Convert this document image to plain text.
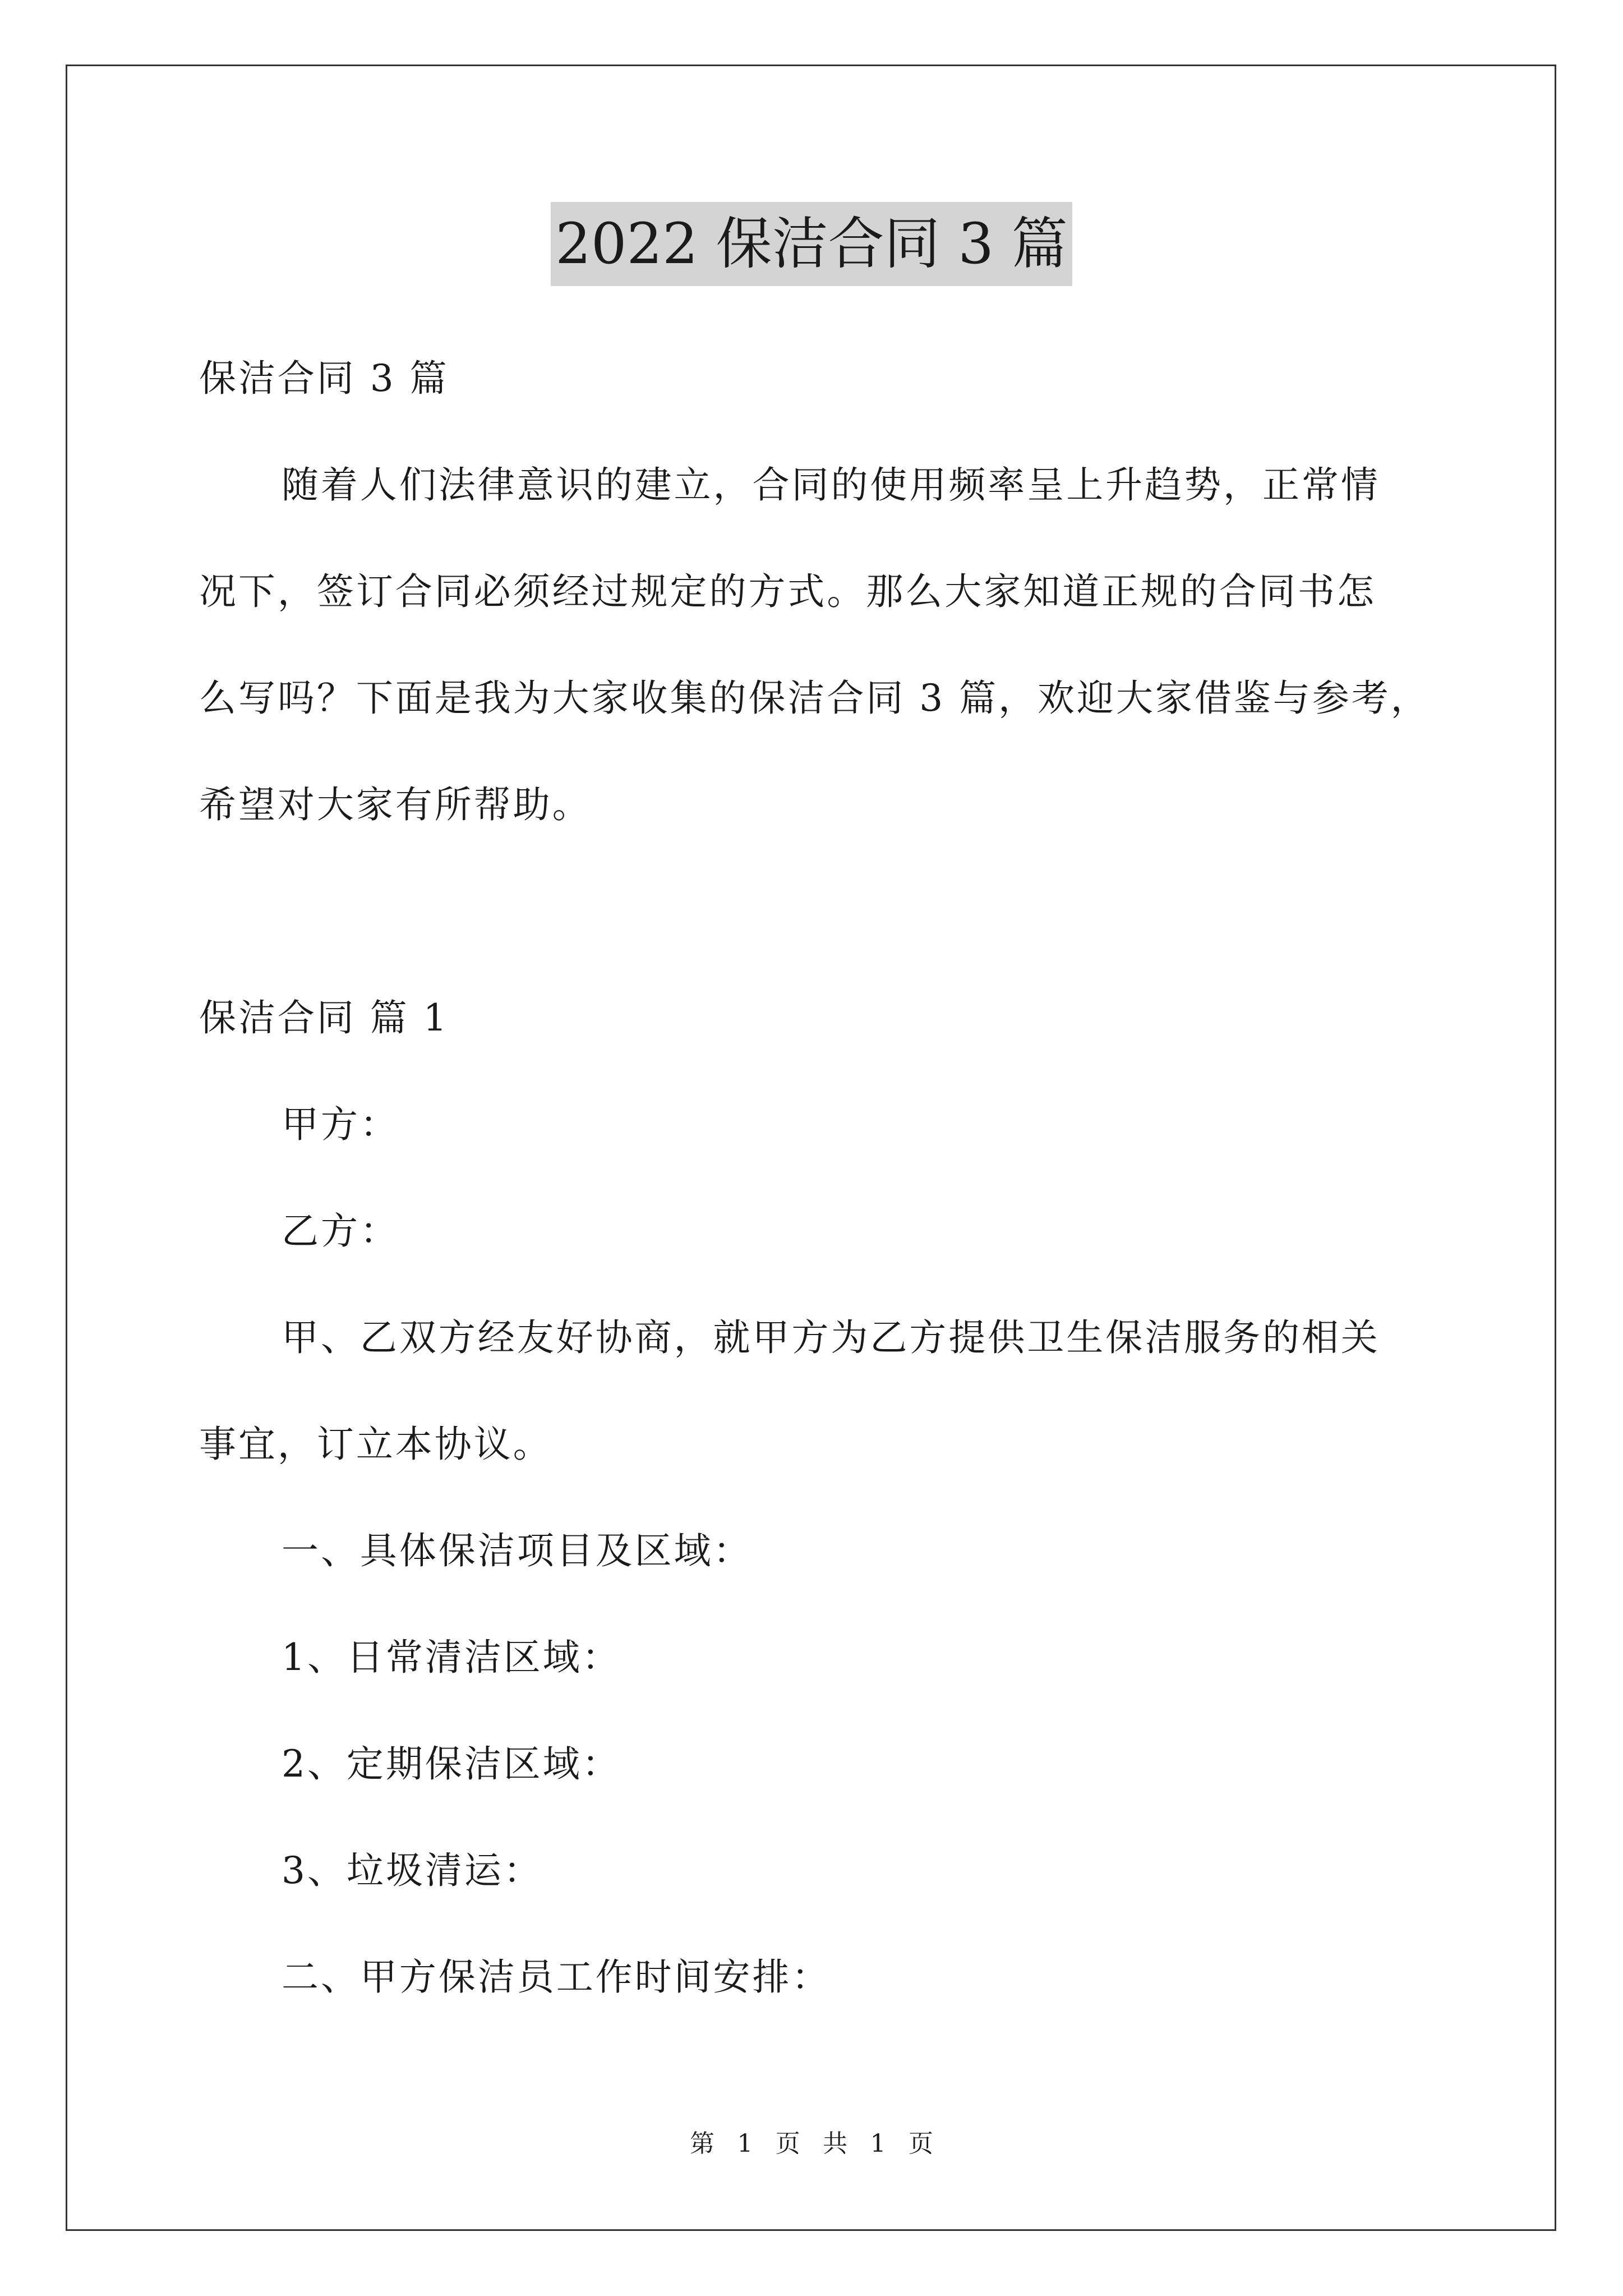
2022 保洁合同 3 篇
保洁合同 3 篇
随着人们法律意识的建立，合同的使用频率呈上升趋势，正常情
况下，签订合同必须经过规定的方式。那么大家知道正规的合同书怎
么写吗？下面是我为大家收集的保洁合同 3 篇，欢迎大家借鉴与参考，
希望对大家有所帮助。
保洁合同 篇 1
甲方：
乙方：
甲、乙双方经友好协商，就甲方为乙方提供卫生保洁服务的相关
事宜，订立本协议。
一、具体保洁项目及区域：
1、日常清洁区域：
2、定期保洁区域：
3、垃圾清运：
二、甲方保洁员工作时间安排：
第 1 页 共 1 页
